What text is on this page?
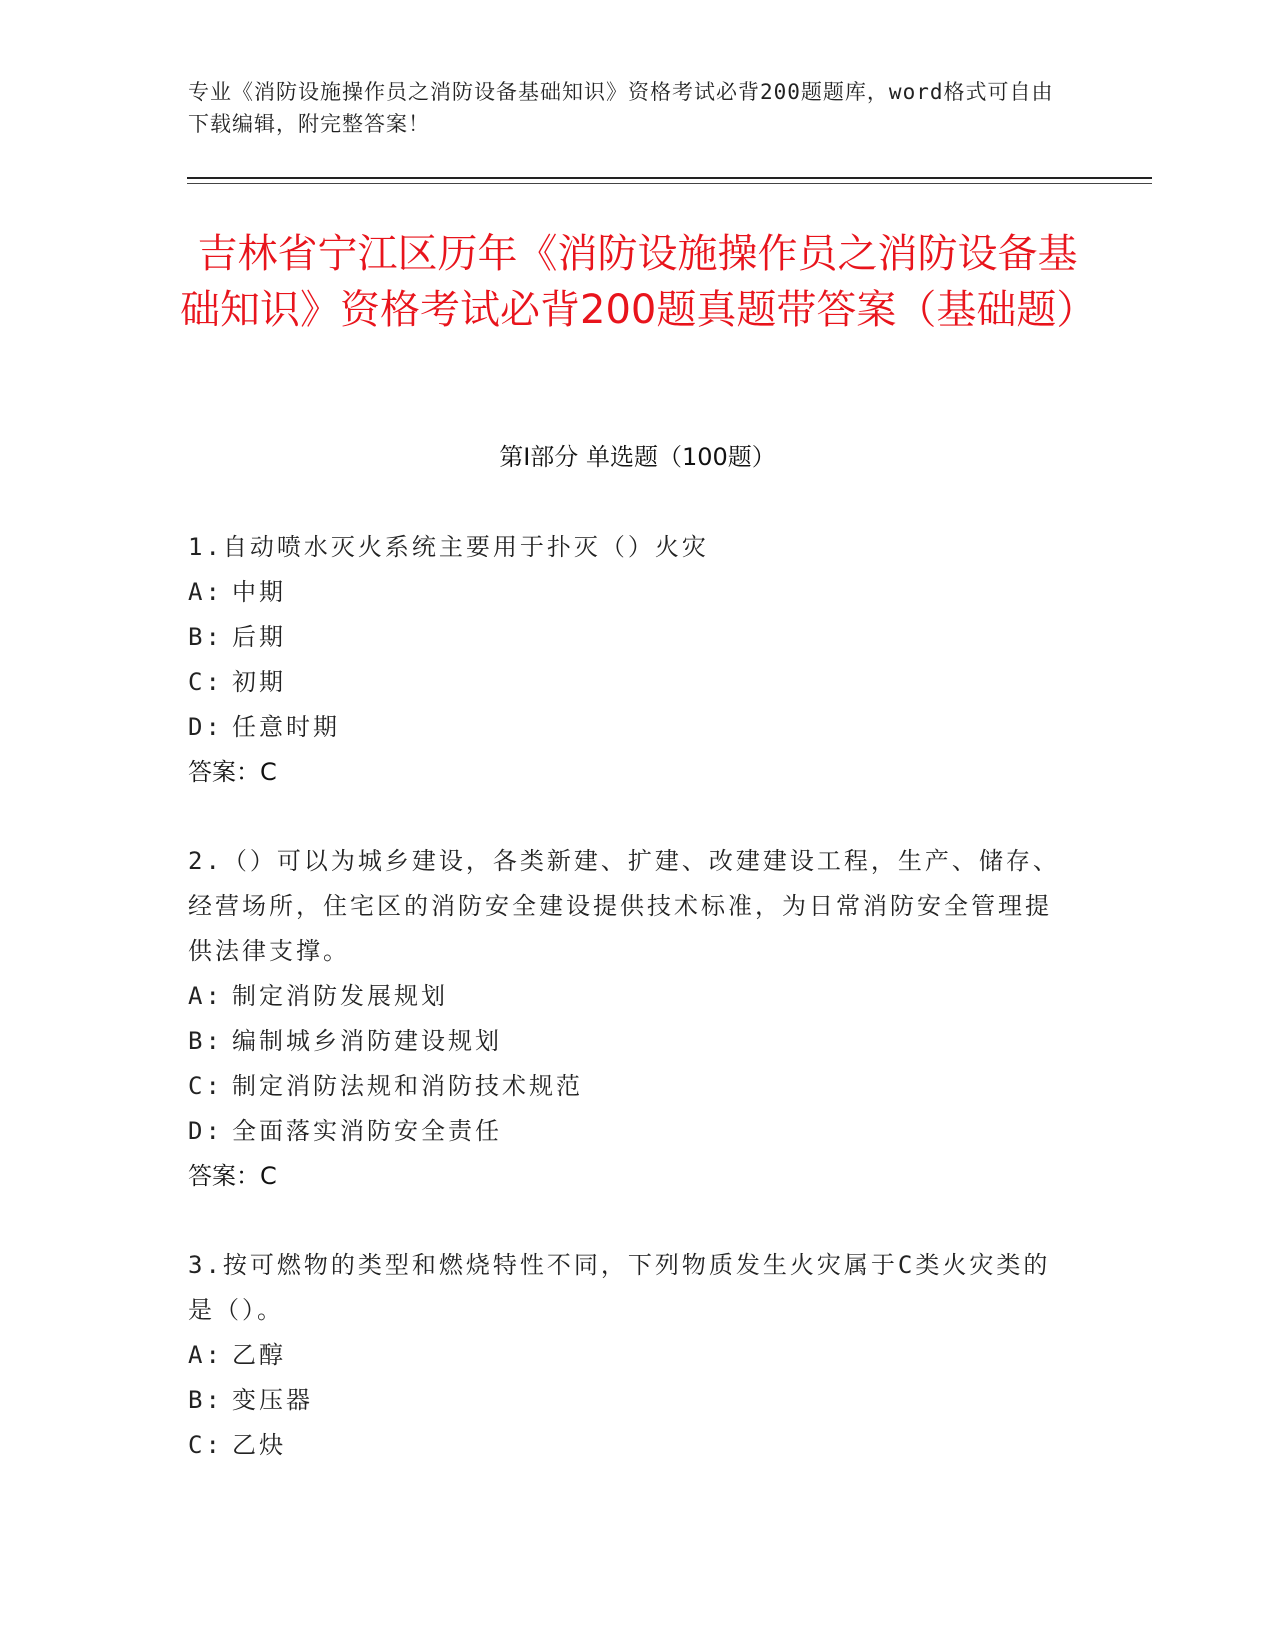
专业《消防设施操作员之消防设备基础知识》资格考试必背200题题库，word格式可自由下载编辑，附完整答案！
吉林省宁江区历年《消防设施操作员之消防设备基础知识》资格考试必背200题真题带答案（基础题）
第I部分 单选题（100题）
1.自动喷水灭火系统主要用于扑灭（）火灾
A: 中期
B: 后期
C: 初期
D: 任意时期
答案：C
2.（）可以为城乡建设，各类新建、扩建、改建建设工程，生产、储存、经营场所，住宅区的消防安全建设提供技术标准，为日常消防安全管理提供法律支撑。
A: 制定消防发展规划
B: 编制城乡消防建设规划
C: 制定消防法规和消防技术规范
D: 全面落实消防安全责任
答案：C
3.按可燃物的类型和燃烧特性不同，下列物质发生火灾属于C类火灾类的是（）。
A: 乙醇
B: 变压器
C: 乙炔
